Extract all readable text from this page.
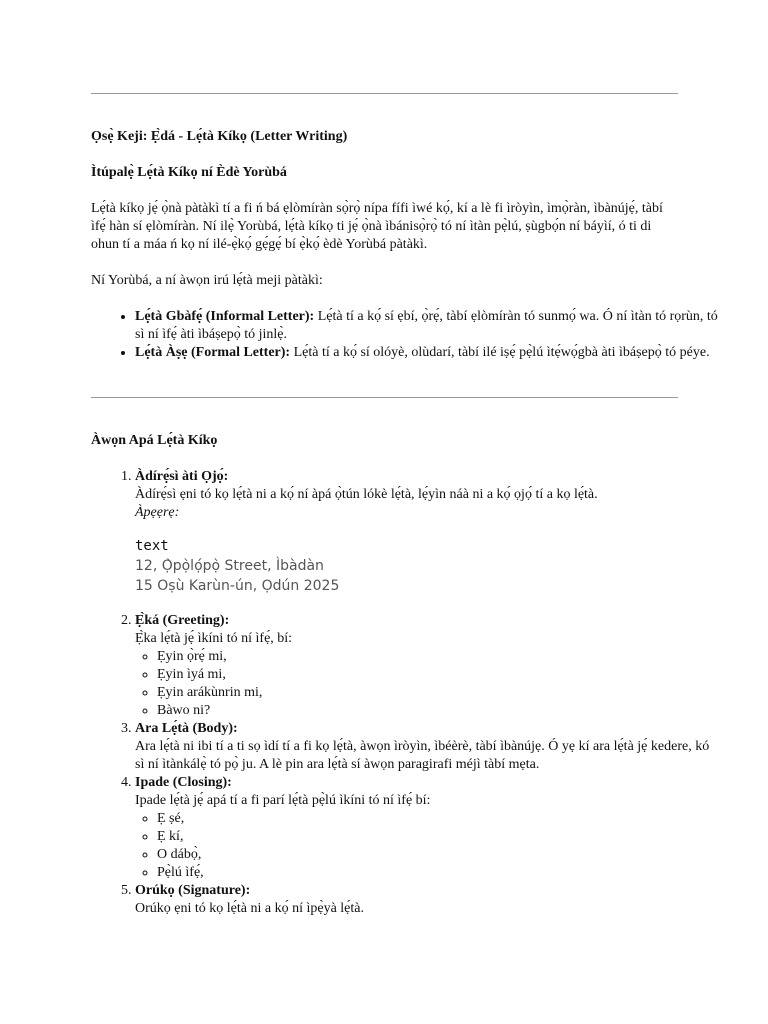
Ọsẹ̀ Keji: Ẹ̀dá - Lẹ́tà Kíkọ (Letter Writing)

Ìtúpalẹ̀ Lẹ́tà Kíkọ ní Èdè Yorùbá

Lẹ́tà kíkọ jẹ́ ọ̀nà pàtàkì tí a fi ń bá ẹlòmíràn sọ̀rọ̀ nípa fífi ìwé kọ́, kí a lè fi ìròyìn, ìmọ̀ràn, ìbànújẹ́, tàbí ìfẹ́ hàn sí ẹlòmíràn. Ní ilẹ̀ Yorùbá, lẹ́tà kíkọ ti jẹ́ ọ̀nà ìbánisọ̀rọ̀ tó ní ìtàn pẹ̀lú, ṣùgbọ́n ní báyìí, ó ti di ohun tí a máa ń kọ ní ilé-ẹ̀kọ́ gẹ́gẹ́ bí ẹ̀kọ́ èdè Yorùbá pàtàkì.

Ní Yorùbá, a ní àwọn irú lẹ́tà meji pàtàkì:

• Lẹ́tà Gbàfẹ́ (Informal Letter): Lẹ́tà tí a kọ́ sí ẹbí, ọ̀rẹ́, tàbí ẹlòmíràn tó sunmọ́ wa. Ó ní ìtàn tó rọrùn, tó sì ní ìfẹ́ àti ìbáṣepọ̀ tó jinlẹ̀.
• Lẹ́tà Àṣẹ (Formal Letter): Lẹ́tà tí a kọ́ sí olóyè, olùdarí, tàbí ilé iṣẹ́ pẹ̀lú ìtẹ́wọ́gbà àti ìbáṣepọ̀ tó péye.

Àwọn Apá Lẹ́tà Kíkọ

1. Àdírẹ́sì àti Ọjọ́:
Àdírẹ́sì ẹni tó kọ lẹ́tà ni a kọ́ ní àpá ọ̀tún lókè lẹ́tà, lẹ́yìn náà ni a kọ́ ọjọ́ tí a kọ lẹ́tà.
Àpẹẹrẹ:
text
12, Ọ̀pọ̀lọ́pọ̀ Street, Ìbàdàn
15 Oṣù Karùn-ún, Ọdún 2025
2. Ẹ̀ká (Greeting):
Ẹ̀ka lẹ́tà jẹ́ ìkíni tó ní ìfẹ́, bí:
◦ Ẹyin ọ̀rẹ́ mi,
◦ Ẹyin ìyá mi,
◦ Ẹyin arákùnrin mi,
◦ Bàwo ni?
3. Ara Lẹ́tà (Body):
Ara lẹ́tà ni ibi tí a ti sọ ìdí tí a fi kọ lẹ́tà, àwọn ìròyìn, ìbéèrè, tàbí ìbànújẹ. Ó yẹ kí ara lẹ́tà jẹ́ kedere, kó sì ní ìtànkálẹ̀ tó pọ̀ ju. A lè pin ara lẹ́tà sí àwọn paragirafi méjì tàbí mẹta.
4. Ipade (Closing):
Ipade lẹ́tà jẹ́ apá tí a fi parí lẹ́tà pẹ̀lú ìkíni tó ní ìfẹ́ bí:
◦ Ẹ ṣé,
◦ Ẹ kí,
◦ O dábọ̀,
◦ Pẹ̀lú ìfẹ́,
5. Orúkọ (Signature):
Orúkọ ẹni tó kọ lẹ́tà ni a kọ́ ní ìpẹ̀yà lẹ́tà.
